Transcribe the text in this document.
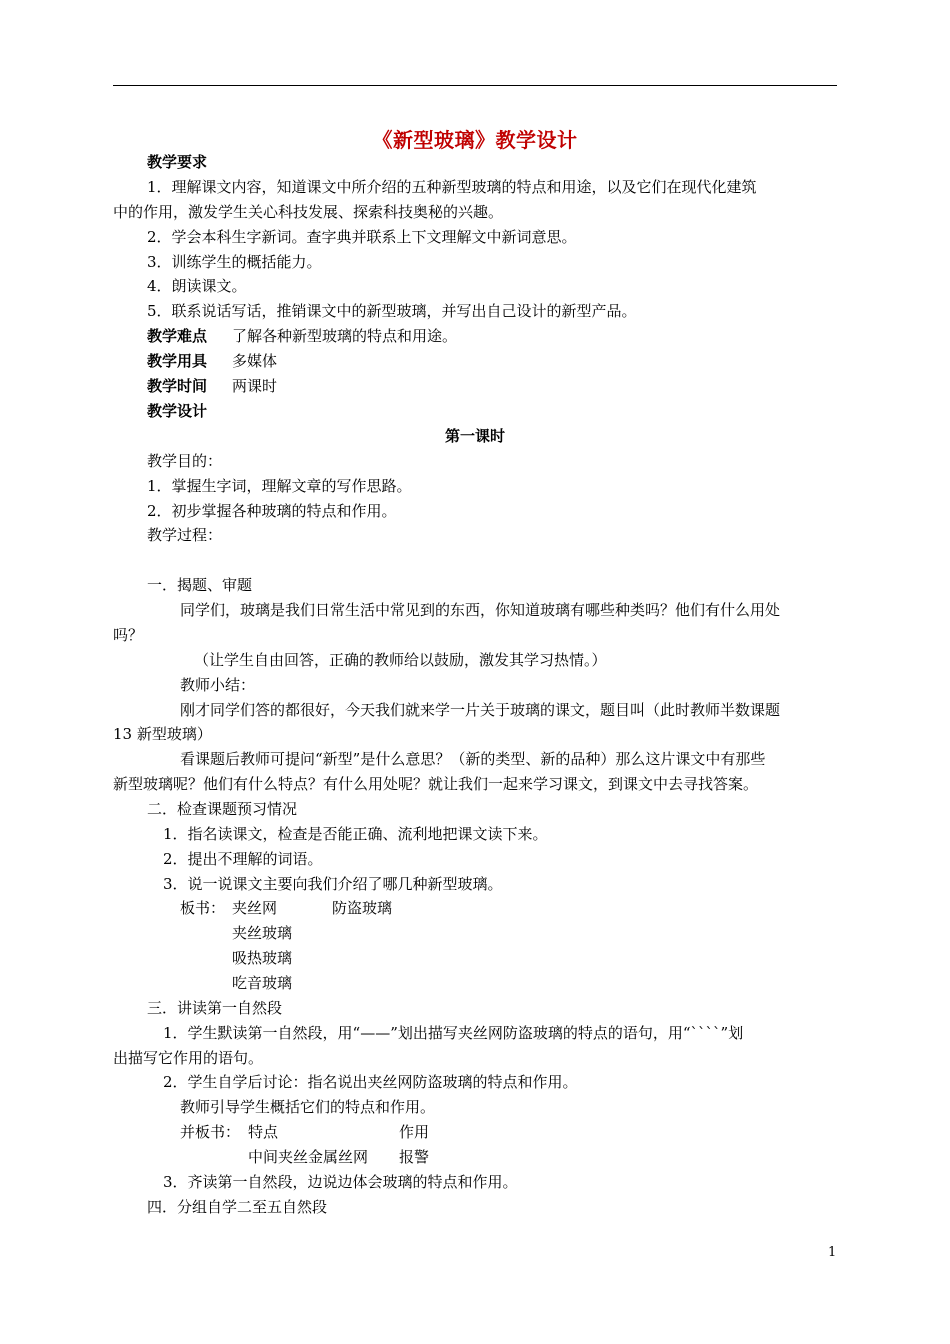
《新型玻璃》教学设计
教学要求
1．理解课文内容，知道课文中所介绍的五种新型玻璃的特点和用途，以及它们在现代化建筑
中的作用，激发学生关心科技发展、探索科技奥秘的兴趣。
2．学会本科生字新词。查字典并联系上下文理解文中新词意思。
3．训练学生的概括能力。
4．朗读课文。
5．联系说话写话，推销课文中的新型玻璃，并写出自己设计的新型产品。
教学难点 了解各种新型玻璃的特点和用途。
教学用具 多媒体
教学时间 两课时
教学设计
第一课时
教学目的：
1．掌握生字词，理解文章的写作思路。
2．初步掌握各种玻璃的特点和作用。
教学过程：
一．揭题、审题
同学们，玻璃是我们日常生活中常见到的东西，你知道玻璃有哪些种类吗？他们有什么用处
吗？
（让学生自由回答，正确的教师给以鼓励，激发其学习热情。）
教师小结：
刚才同学们答的都很好，今天我们就来学一片关于玻璃的课文，题目叫（此时教师半数课题
13 新型玻璃）
看课题后教师可提问“新型”是什么意思？（新的类型、新的品种）那么这片课文中有那些
新型玻璃呢？他们有什么特点？有什么用处呢？就让我们一起来学习课文，到课文中去寻找答案。
二．检查课题预习情况
1．指名读课文，检查是否能正确、流利地把课文读下来。
2．提出不理解的词语。
3．说一说课文主要向我们介绍了哪几种新型玻璃。
板书： 夹丝网	防盗玻璃
夹丝玻璃
吸热玻璃
吃音玻璃
三．讲读第一自然段
1．学生默读第一自然段，用“——”划出描写夹丝网防盗玻璃的特点的语句，用“ˋˋˋˋ”划
出描写它作用的语句。
2．学生自学后讨论：指名说出夹丝网防盗玻璃的特点和作用。
教师引导学生概括它们的特点和作用。
并板书： 特点	作用
中间夹丝金属丝网 报警
3．齐读第一自然段，边说边体会玻璃的特点和作用。
四．分组自学二至五自然段
1
